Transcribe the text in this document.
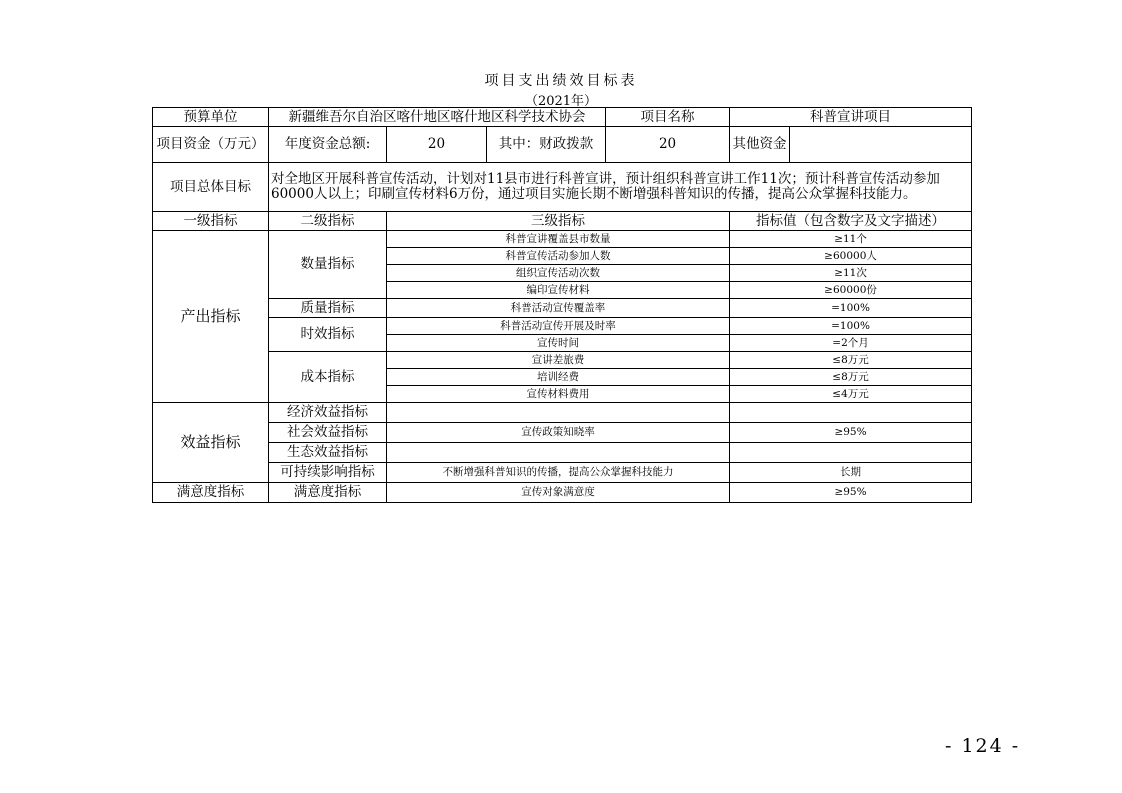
项目支出绩效目标表
（2021年）
预算单位	新疆维吾尔自治区喀什地区喀什地区科学技术协会			项目名称	科普宣讲项目	
项目资金（万元）	年度资金总额:	20	其中：财政拨款	20	其他资金	
项目总体目标	对全地区开展科普宣传活动，计划对11县市进行科普宣讲，预计组织科普宣讲工作11次；预计科普宣传活动参加60000人以上；印刷宣传材料6万份，通过项目实施长期不断增强科普知识的传播，提高公众掌握科技能力。					
一级指标	二级指标	三级指标			指标值（包含数字及文字描述）	
产出指标	数量指标	科普宣讲覆盖县市数量			≥11个	
		科普宣传活动参加人数			≥60000人	
		组织宣传活动次数			≥11次	
		编印宣传材料			≥60000份	
	质量指标	科普活动宣传覆盖率			=100%	
	时效指标	科普活动宣传开展及时率			=100%	
		宣传时间			=2个月	
	成本指标	宣讲差旅费			≤8万元	
		培训经费			≤8万元	
		宣传材料费用			≤4万元	
效益指标	经济效益指标					
	社会效益指标	宣传政策知晓率			≥95%	
	生态效益指标					
	可持续影响指标	不断增强科普知识的传播，提高公众掌握科技能力			长期	
满意度指标	满意度指标	宣传对象满意度			≥95%	
- 124 -
